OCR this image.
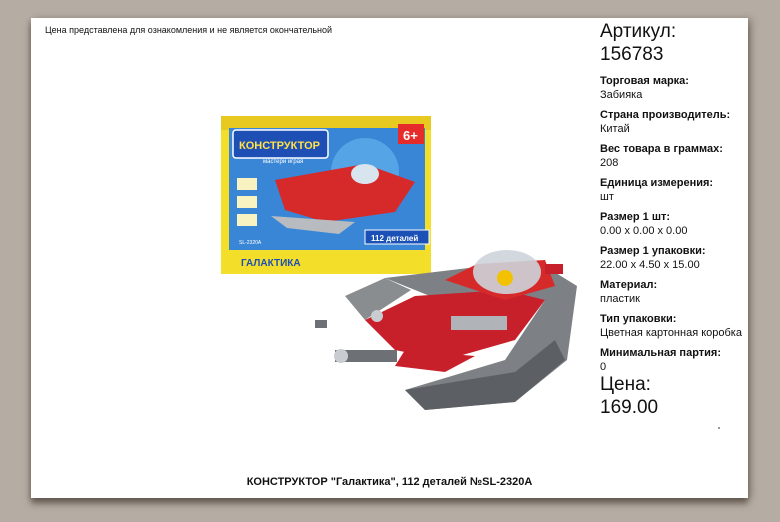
Цена представлена для ознакомления и не является окончательной
КОНСТРУКТОР
мастери играя
6+
112 деталей
SL-2320A
ГАЛАКТИКА
Артикул:
156783
Торговая марка:
Забияка
Страна производитель:
Китай
Вес товара в граммах:
208
Единица измерения:
шт
Размер 1 шт:
0.00 x 0.00 x 0.00
Размер 1 упаковки:
22.00 x 4.50 x 15.00
Материал:
пластик
Тип упаковки:
Цветная картонная коробка
Минимальная партия:
0
Цена:
169.00
КОНСТРУКТОР "Галактика", 112 деталей №SL-2320A
